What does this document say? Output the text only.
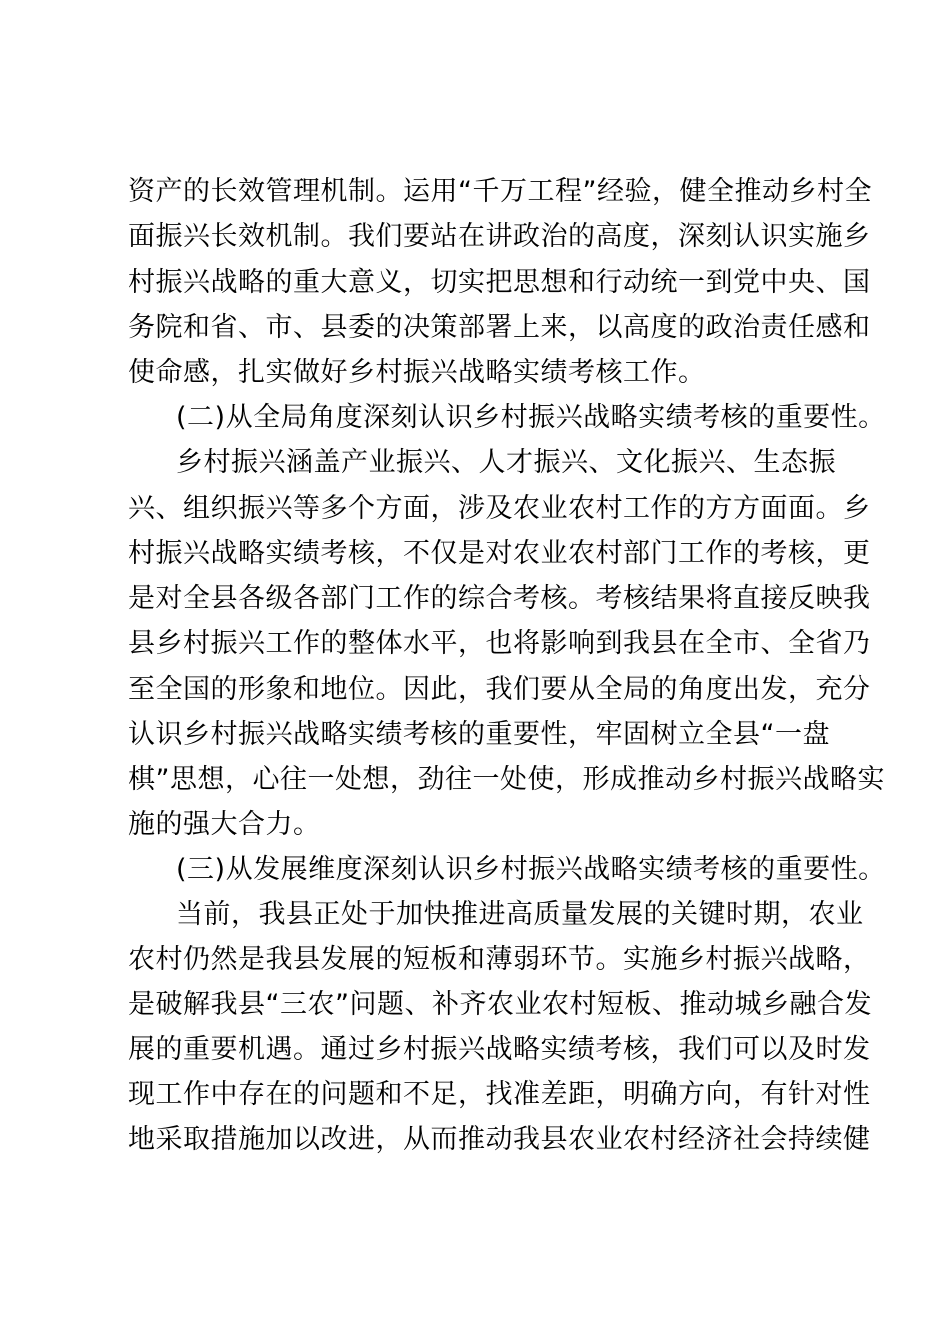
资产的长效管理机制。运用“千万工程”经验，健全推动乡村全
面振兴长效机制。我们要站在讲政治的高度，深刻认识实施乡
村振兴战略的重大意义，切实把思想和行动统一到党中央、国
务院和省、市、县委的决策部署上来，以高度的政治责任感和
使命感，扎实做好乡村振兴战略实绩考核工作。
(二)从全局角度深刻认识乡村振兴战略实绩考核的重要性。
乡村振兴涵盖产业振兴、人才振兴、文化振兴、生态振
兴、组织振兴等多个方面，涉及农业农村工作的方方面面。乡
村振兴战略实绩考核，不仅是对农业农村部门工作的考核，更
是对全县各级各部门工作的综合考核。考核结果将直接反映我
县乡村振兴工作的整体水平，也将影响到我县在全市、全省乃
至全国的形象和地位。因此，我们要从全局的角度出发，充分
认识乡村振兴战略实绩考核的重要性，牢固树立全县“一盘
棋”思想，心往一处想，劲往一处使，形成推动乡村振兴战略实
施的强大合力。
(三)从发展维度深刻认识乡村振兴战略实绩考核的重要性。
当前，我县正处于加快推进高质量发展的关键时期，农业
农村仍然是我县发展的短板和薄弱环节。实施乡村振兴战略，
是破解我县“三农”问题、补齐农业农村短板、推动城乡融合发
展的重要机遇。通过乡村振兴战略实绩考核，我们可以及时发
现工作中存在的问题和不足，找准差距，明确方向，有针对性
地采取措施加以改进，从而推动我县农业农村经济社会持续健
